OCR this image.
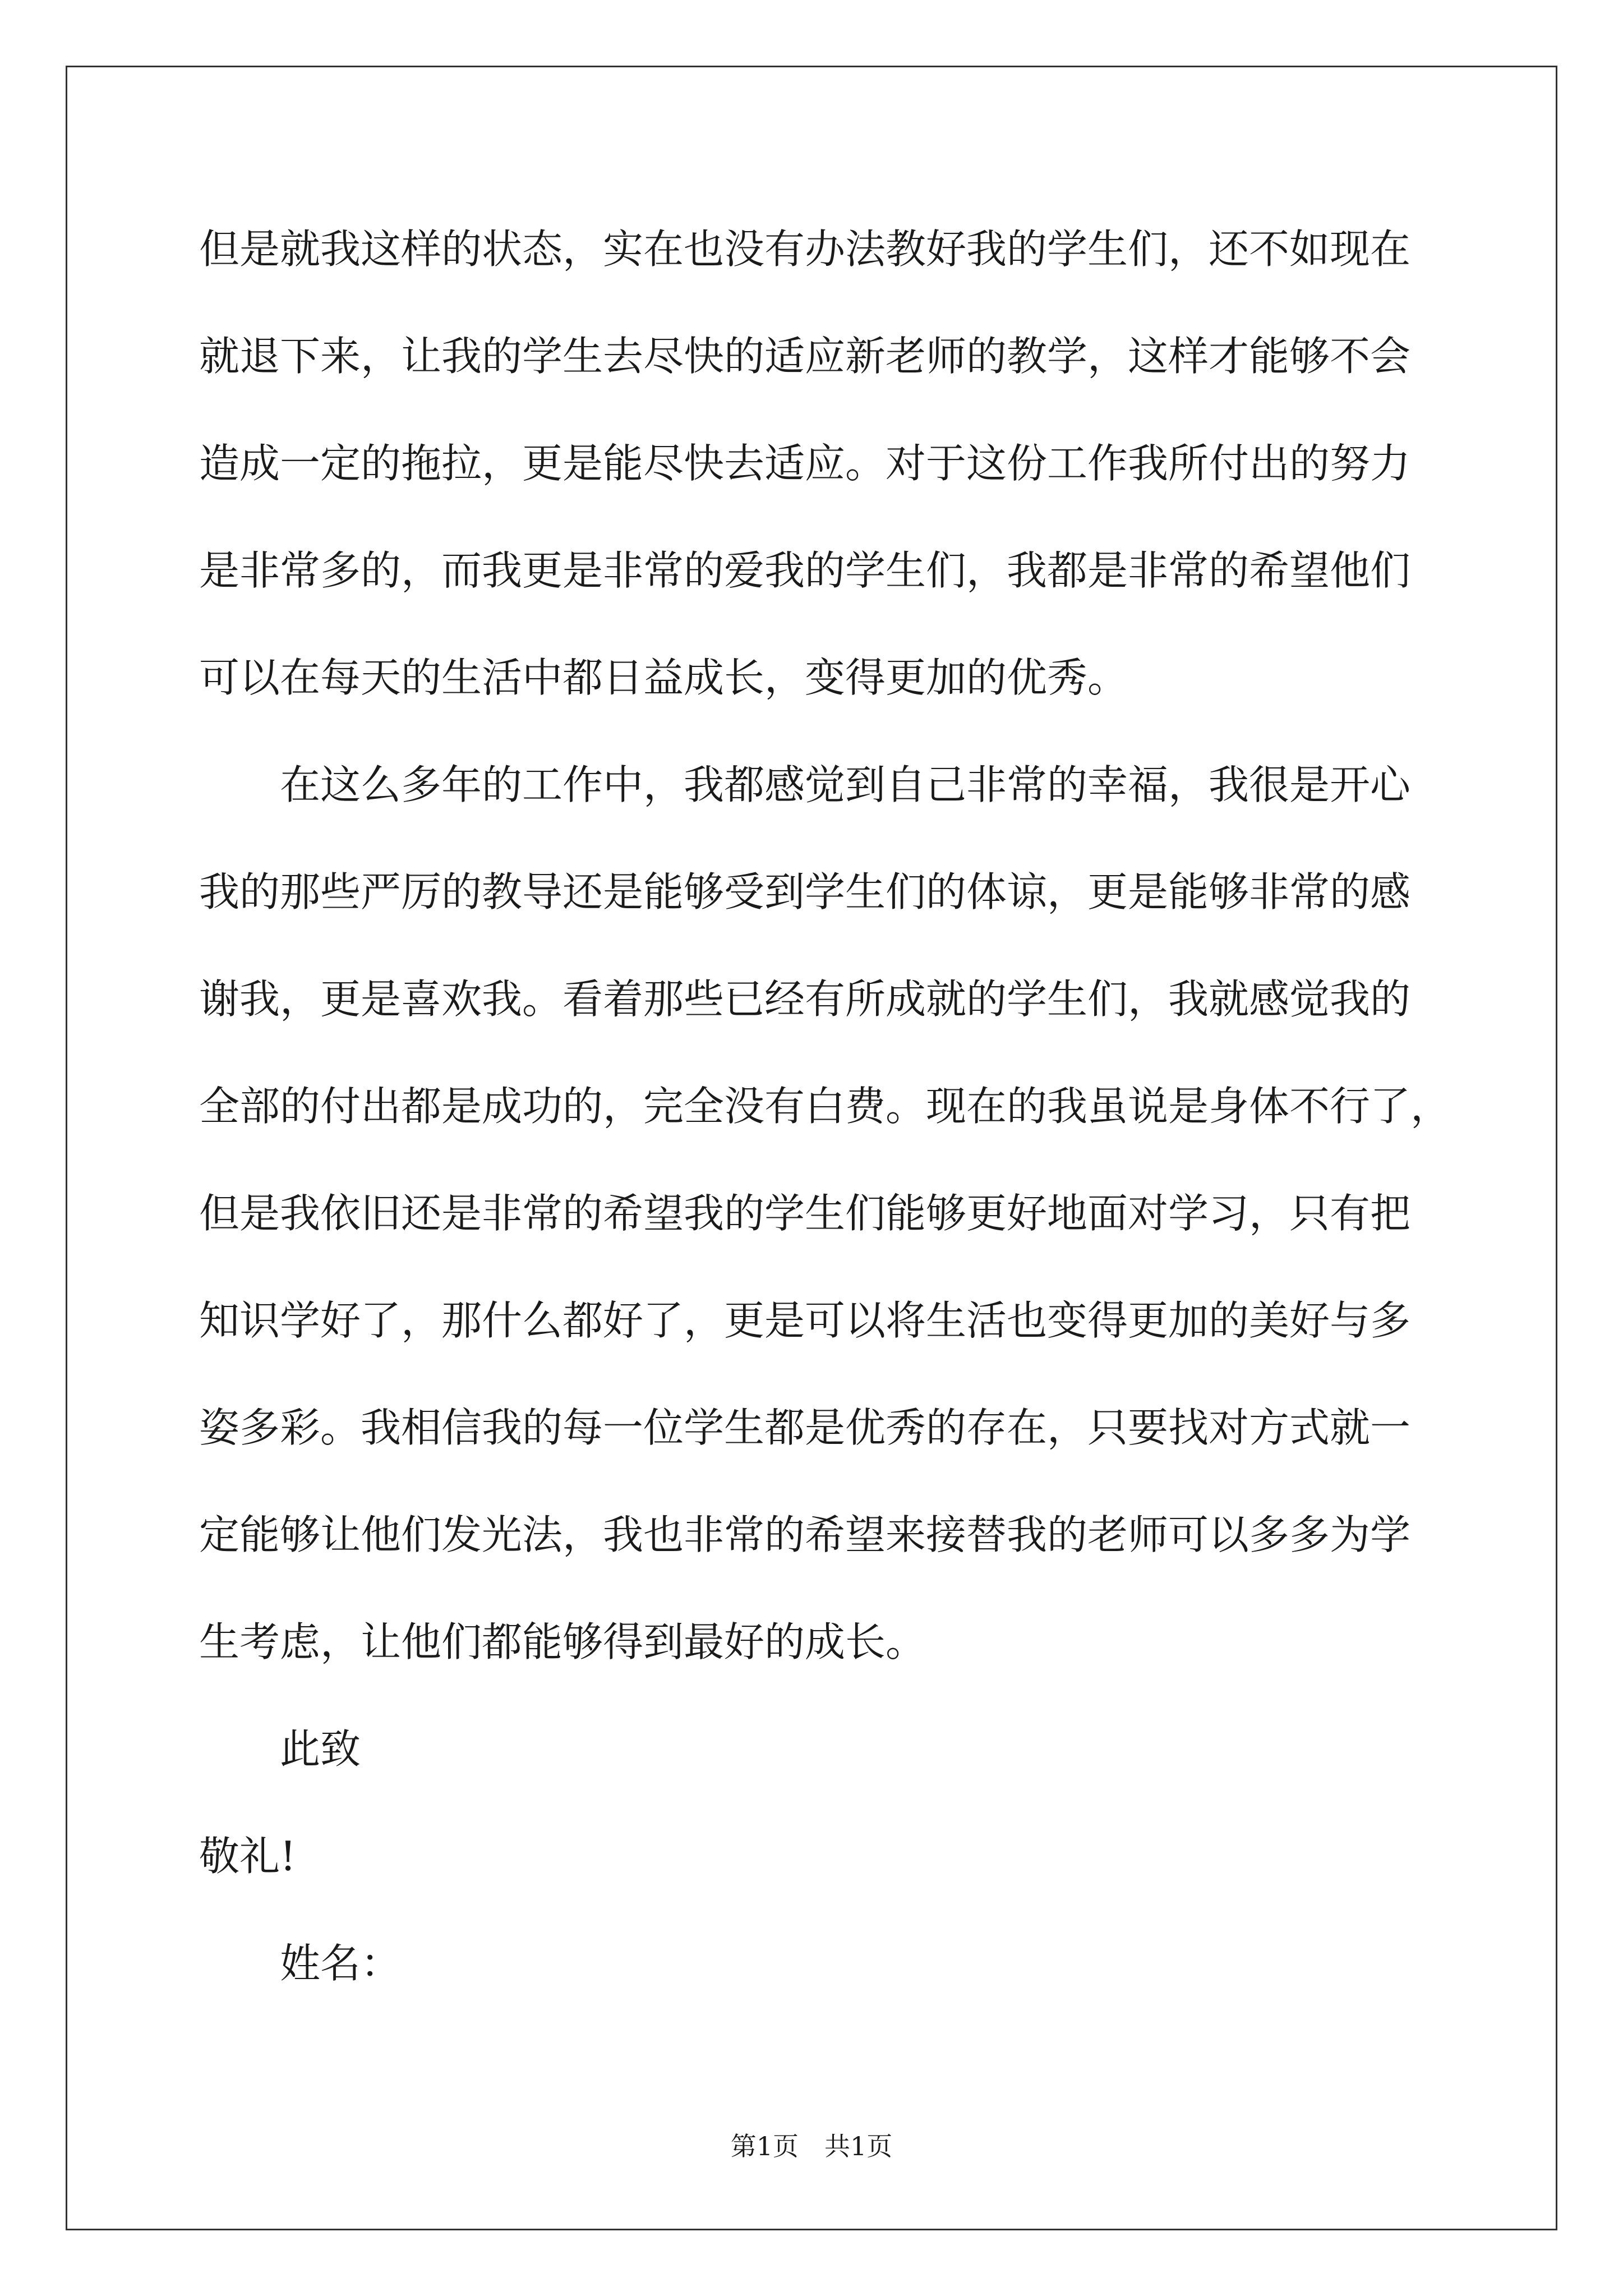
但是就我这样的状态，实在也没有办法教好我的学生们，还不如现在
就退下来，让我的学生去尽快的适应新老师的教学，这样才能够不会
造成一定的拖拉，更是能尽快去适应。对于这份工作我所付出的努力
是非常多的，而我更是非常的爱我的学生们，我都是非常的希望他们
可以在每天的生活中都日益成长，变得更加的优秀。
在这么多年的工作中，我都感觉到自己非常的幸福，我很是开心
我的那些严厉的教导还是能够受到学生们的体谅，更是能够非常的感
谢我，更是喜欢我。看着那些已经有所成就的学生们，我就感觉我的
全部的付出都是成功的，完全没有白费。现在的我虽说是身体不行了，
但是我依旧还是非常的希望我的学生们能够更好地面对学习，只有把
知识学好了，那什么都好了，更是可以将生活也变得更加的美好与多
姿多彩。我相信我的每一位学生都是优秀的存在，只要找对方式就一
定能够让他们发光法，我也非常的希望来接替我的老师可以多多为学
生考虑，让他们都能够得到最好的成长。
此致
敬礼!
姓名：
第1页　共1页
